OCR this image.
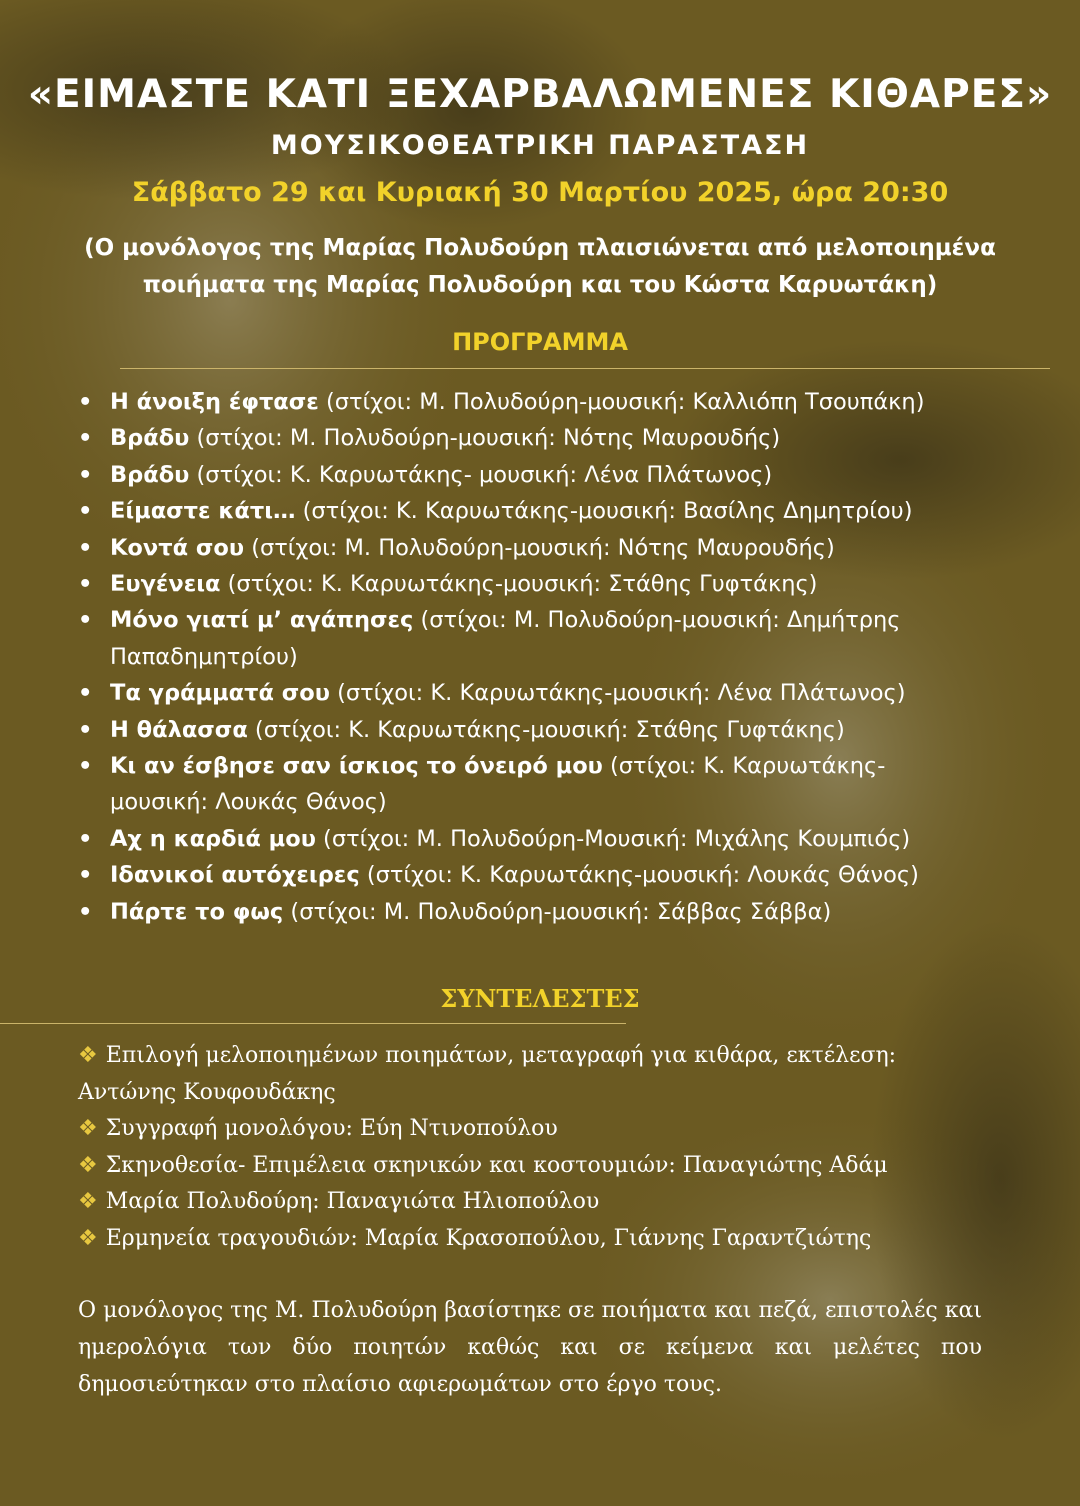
«ΕΙΜΑΣΤΕ ΚΑΤΙ ΞΕΧΑΡΒΑΛΩΜΕΝΕΣ ΚΙΘΑΡΕΣ»
ΜΟΥΣΙΚΟΘΕΑΤΡΙΚΗ ΠΑΡΑΣΤΑΣΗ
Σάββατο 29 και Κυριακή 30 Μαρτίου 2025, ώρα 20:30
(Ο μονόλογος της Μαρίας Πολυδούρη πλαισιώνεται από μελοποιημένα ποιήματα της Μαρίας Πολυδούρη και του Κώστα Καρυωτάκη)
ΠΡΟΓΡΑΜΜΑ
• Η άνοιξη έφτασε (στίχοι: Μ. Πολυδούρη-μουσική: Καλλιόπη Τσουπάκη)
• Βράδυ (στίχοι: Μ. Πολυδούρη-μουσική: Νότης Μαυρουδής)
• Βράδυ (στίχοι: Κ. Καρυωτάκης- μουσική: Λένα Πλάτωνος)
• Είμαστε κάτι… (στίχοι: Κ. Καρυωτάκης-μουσική: Βασίλης Δημητρίου)
• Κοντά σου (στίχοι: Μ. Πολυδούρη-μουσική: Νότης Μαυρουδής)
• Ευγένεια (στίχοι: Κ. Καρυωτάκης-μουσική: Στάθης Γυφτάκης)
• Μόνο γιατί μ’ αγάπησες (στίχοι: Μ. Πολυδούρη-μουσική: Δημήτρης Παπαδημητρίου)
• Τα γράμματά σου (στίχοι: Κ. Καρυωτάκης-μουσική: Λένα Πλάτωνος)
• Η θάλασσα (στίχοι: Κ. Καρυωτάκης-μουσική: Στάθης Γυφτάκης)
• Κι αν έσβησε σαν ίσκιος το όνειρό μου (στίχοι: Κ. Καρυωτάκης-μουσική: Λουκάς Θάνος)
• Αχ η καρδιά μου (στίχοι: Μ. Πολυδούρη-Μουσική: Μιχάλης Κουμπιός)
• Ιδανικοί αυτόχειρες (στίχοι: Κ. Καρυωτάκης-μουσική: Λουκάς Θάνος)
• Πάρτε το φως (στίχοι: Μ. Πολυδούρη-μουσική: Σάββας Σάββα)
ΣΥΝΤΕΛΕΣΤΕΣ
❖ Επιλογή μελοποιημένων ποιημάτων, μεταγραφή για κιθάρα, εκτέλεση: Αντώνης Κουφουδάκης
❖ Συγγραφή μονολόγου: Εύη Ντινοπούλου
❖ Σκηνοθεσία- Επιμέλεια σκηνικών και κοστουμιών: Παναγιώτης Αδάμ
❖ Μαρία Πολυδούρη: Παναγιώτα Ηλιοπούλου
❖ Ερμηνεία τραγουδιών: Μαρία Κρασοπούλου, Γιάννης Γαραντζιώτης
Ο μονόλογος της Μ. Πολυδούρη βασίστηκε σε ποιήματα και πεζά, επιστολές και ημερολόγια των δύο ποιητών καθώς και σε κείμενα και μελέτες που δημοσιεύτηκαν στο πλαίσιο αφιερωμάτων στο έργο τους.
